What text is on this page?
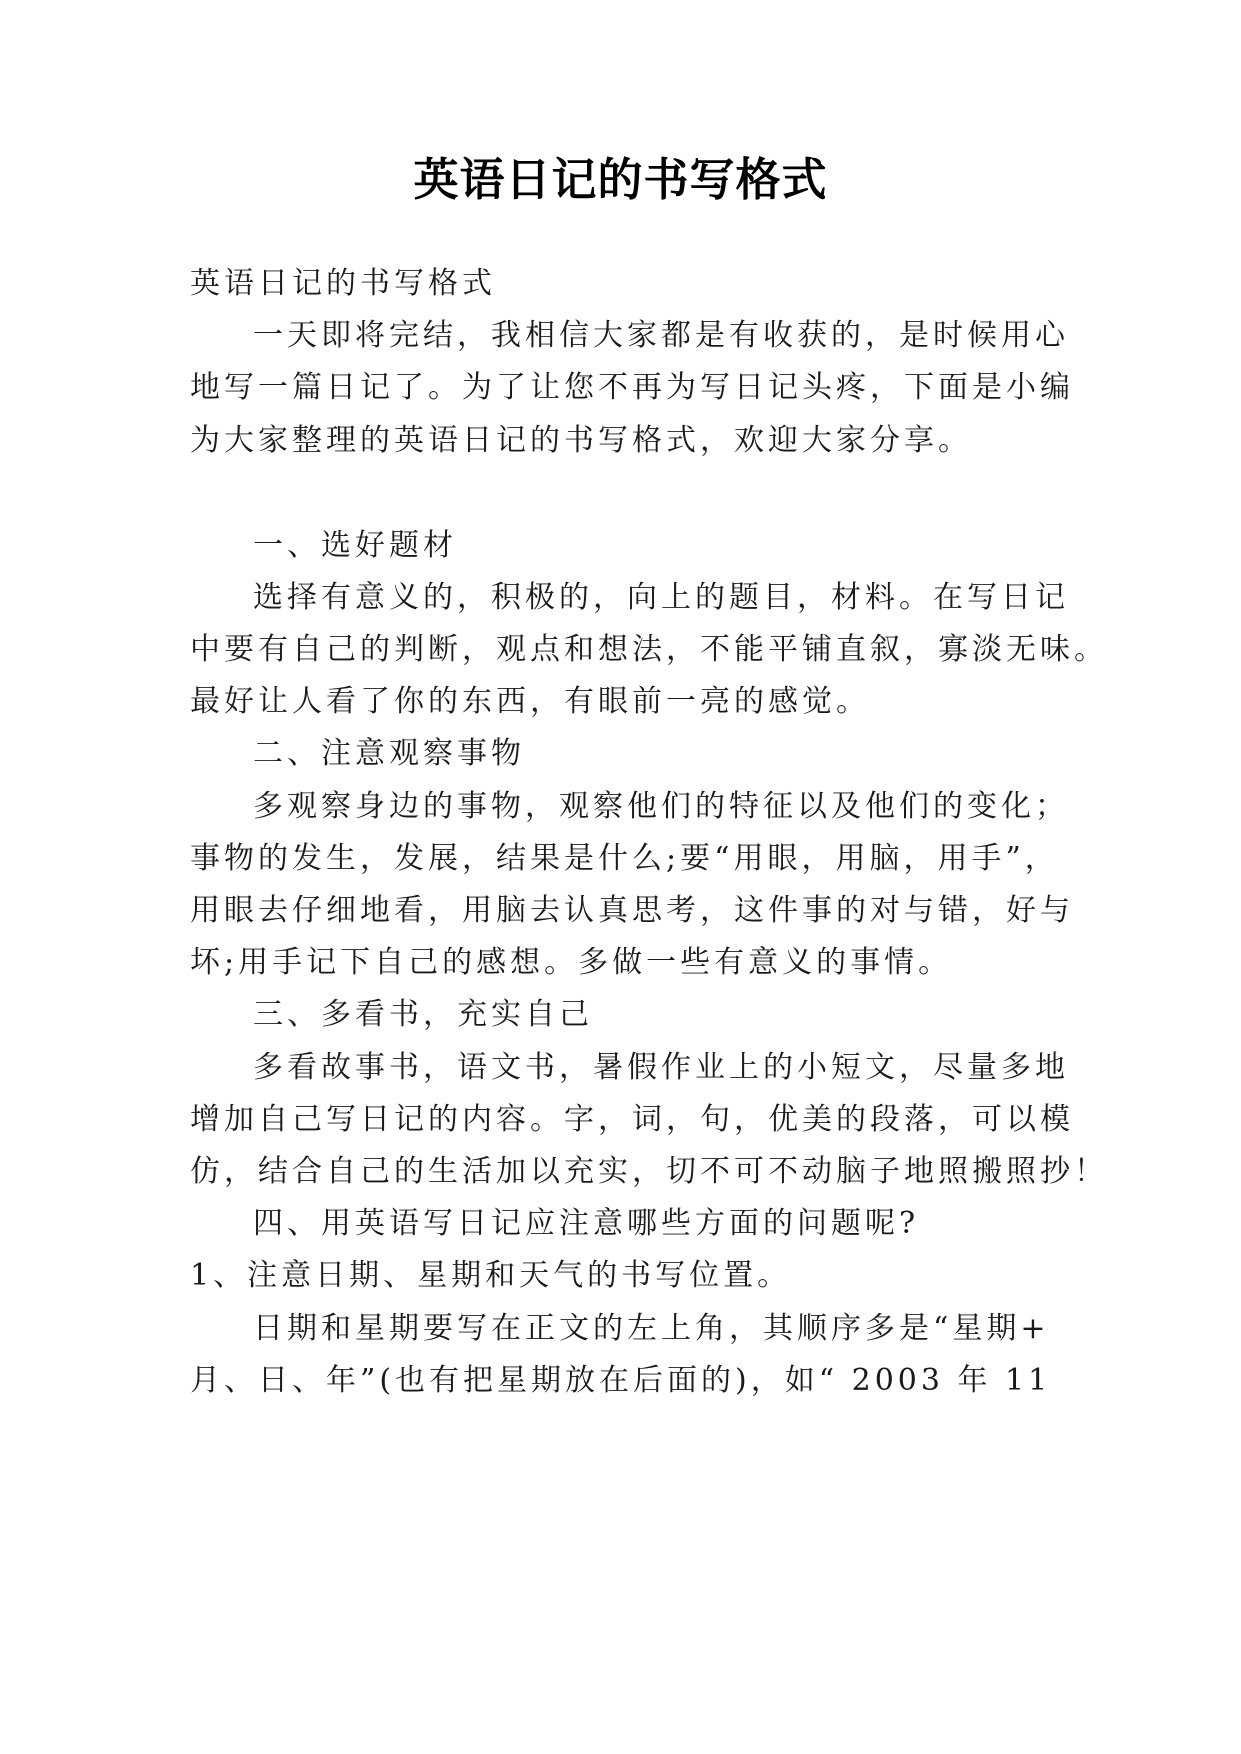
英语日记的书写格式
英语日记的书写格式
一天即将完结，我相信大家都是有收获的，是时候用心
地写一篇日记了。为了让您不再为写日记头疼，下面是小编
为大家整理的英语日记的书写格式，欢迎大家分享。
一、选好题材
选择有意义的，积极的，向上的题目，材料。在写日记
中要有自己的判断，观点和想法，不能平铺直叙，寡淡无味。
最好让人看了你的东西，有眼前一亮的感觉。
二、注意观察事物
多观察身边的事物，观察他们的特征以及他们的变化；
事物的发生，发展，结果是什么;要“用眼，用脑，用手”，
用眼去仔细地看，用脑去认真思考，这件事的对与错，好与
坏;用手记下自己的感想。多做一些有意义的事情。
三、多看书，充实自己
多看故事书，语文书，暑假作业上的小短文，尽量多地
增加自己写日记的内容。字，词，句，优美的段落，可以模
仿，结合自己的生活加以充实，切不可不动脑子地照搬照抄！
四、用英语写日记应注意哪些方面的问题呢?
1、注意日期、星期和天气的书写位置。
日期和星期要写在正文的左上角，其顺序多是“星期+
月、日、年”(也有把星期放在后面的)，如“ 2003 年 11
